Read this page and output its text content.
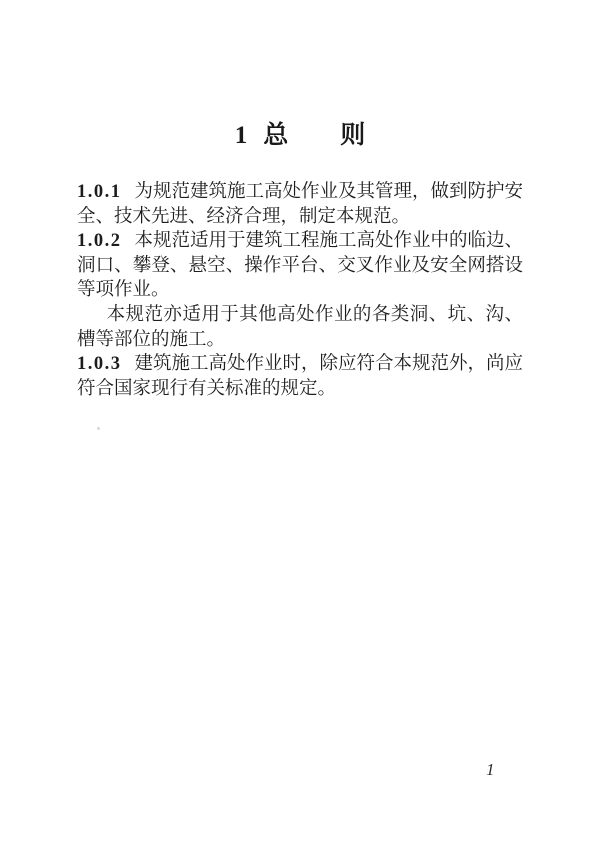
1 总 则

1.0.1 为规范建筑施工高处作业及其管理，做到防护安全、技术先进、经济合理，制定本规范。

1.0.2 本规范适用于建筑工程施工高处作业中的临边、洞口、攀登、悬空、操作平台、交叉作业及安全网搭设等项作业。

本规范亦适用于其他高处作业的各类洞、坑、沟、槽等部位的施工。

1.0.3 建筑施工高处作业时，除应符合本规范外，尚应符合国家现行有关标准的规定。

1
